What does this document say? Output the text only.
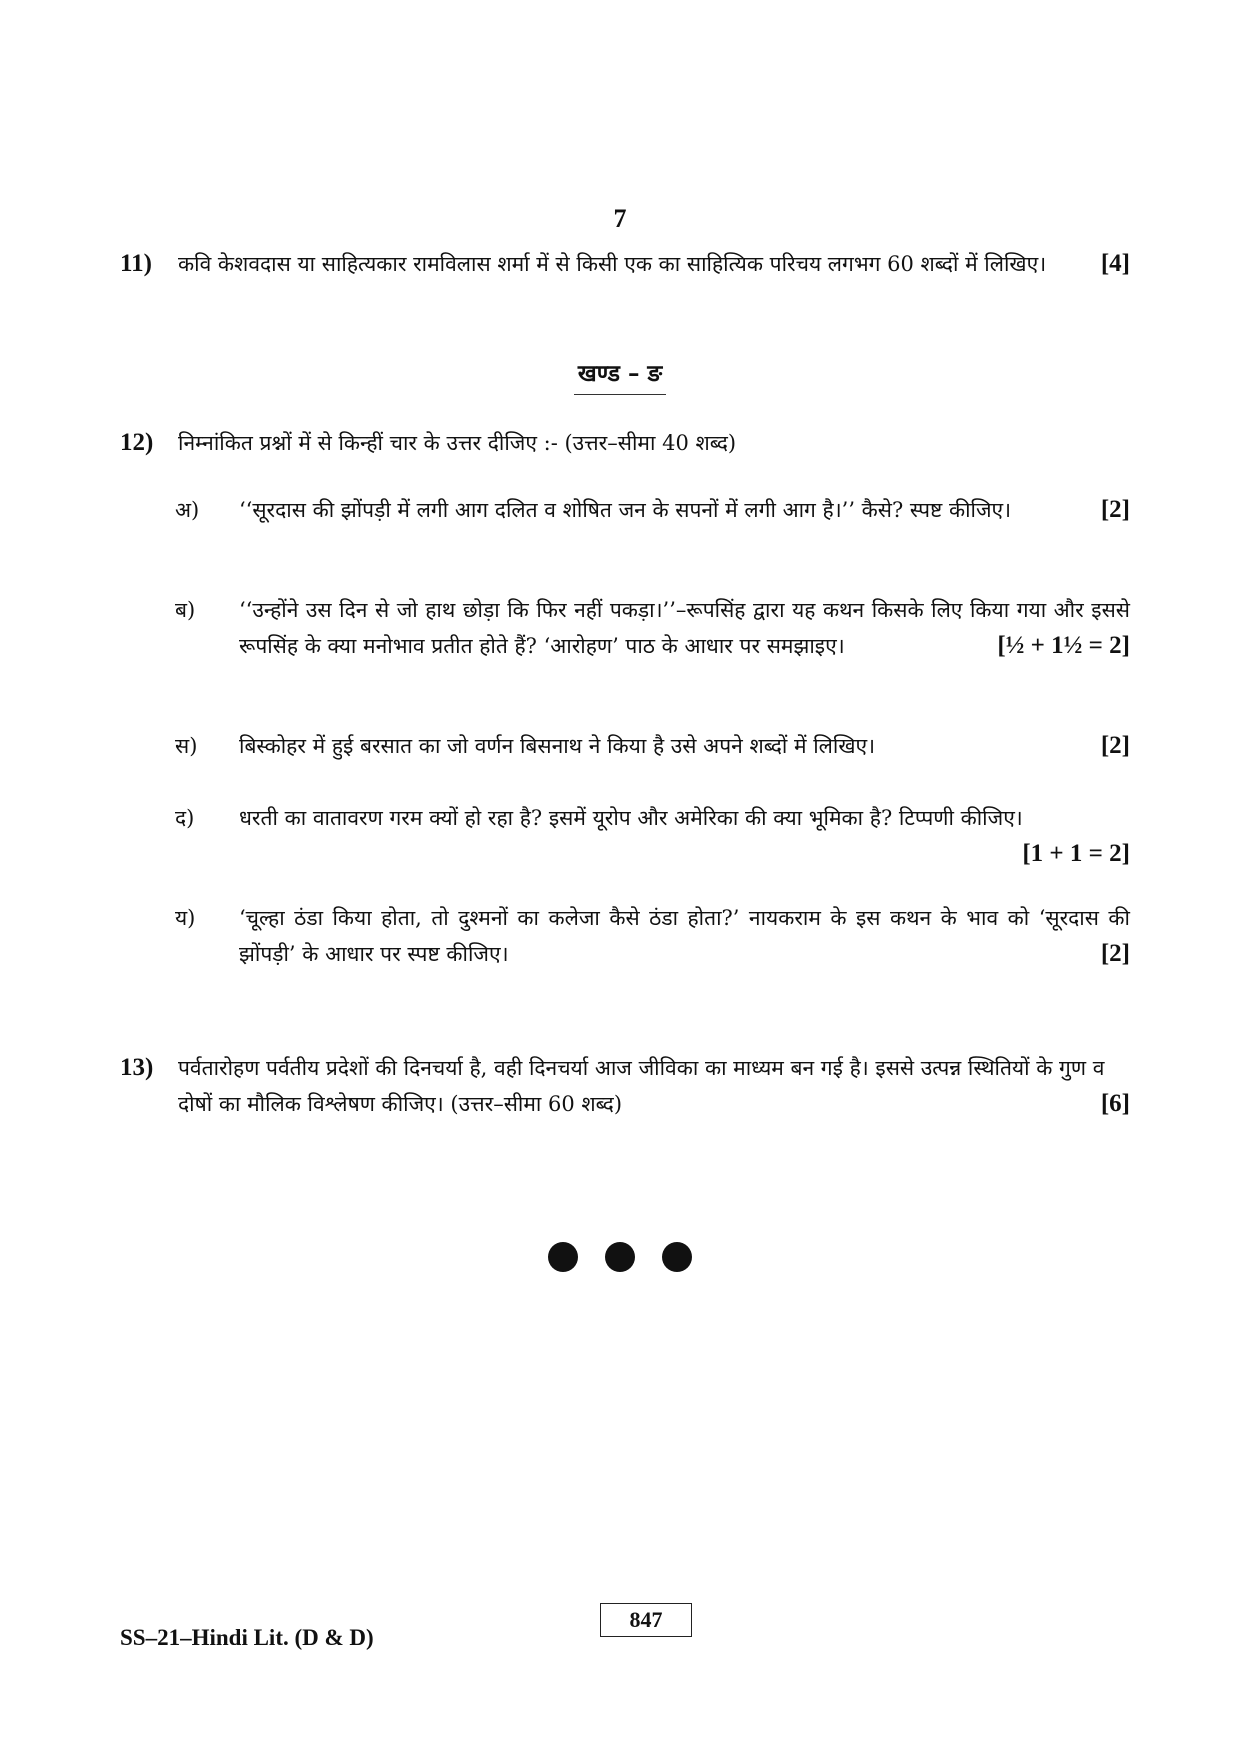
7
11) कवि केशवदास या साहित्यकार रामविलास शर्मा में से किसी एक का साहित्यिक परिचय लगभग 60 शब्दों में लिखिए। [4]
खण्ड – ङ
12) निम्नांकित प्रश्नों में से किन्हीं चार के उत्तर दीजिए :- (उत्तर–सीमा 40 शब्द)
अ) ‘‘सूरदास की झोंपड़ी में लगी आग दलित व शोषित जन के सपनों में लगी आग है।’’ कैसे? स्पष्ट कीजिए।	[2]
ब) ‘‘उन्होंने उस दिन से जो हाथ छोड़ा कि फिर नहीं पकड़ा।’’–रूपसिंह द्वारा यह कथन किसके लिए किया गया और इससे रूपसिंह के क्या मनोभाव प्रतीत होते हैं? ‘आरोहण’ पाठ के आधार पर समझाइए।	[½ + 1½ = 2]
स) बिस्कोहर में हुई बरसात का जो वर्णन बिसनाथ ने किया है उसे अपने शब्दों में लिखिए।	[2]
द) धरती का वातावरण गरम क्यों हो रहा है? इसमें यूरोप और अमेरिका की क्या भूमिका है? टिप्पणी कीजिए।
[1 + 1 = 2]
य) ‘चूल्हा ठंडा किया होता, तो दुश्मनों का कलेजा कैसे ठंडा होता?’ नायकराम के इस कथन के भाव को ‘सूरदास की झोंपड़ी’ के आधार पर स्पष्ट कीजिए।	[2]
13) पर्वतारोहण पर्वतीय प्रदेशों की दिनचर्या है, वही दिनचर्या आज जीविका का माध्यम बन गई है। इससे उत्पन्न स्थितियों के गुण व दोषों का मौलिक विश्लेषण कीजिए। (उत्तर–सीमा 60 शब्द)	[6]

SS–21–Hindi Lit. (D & D)
847
